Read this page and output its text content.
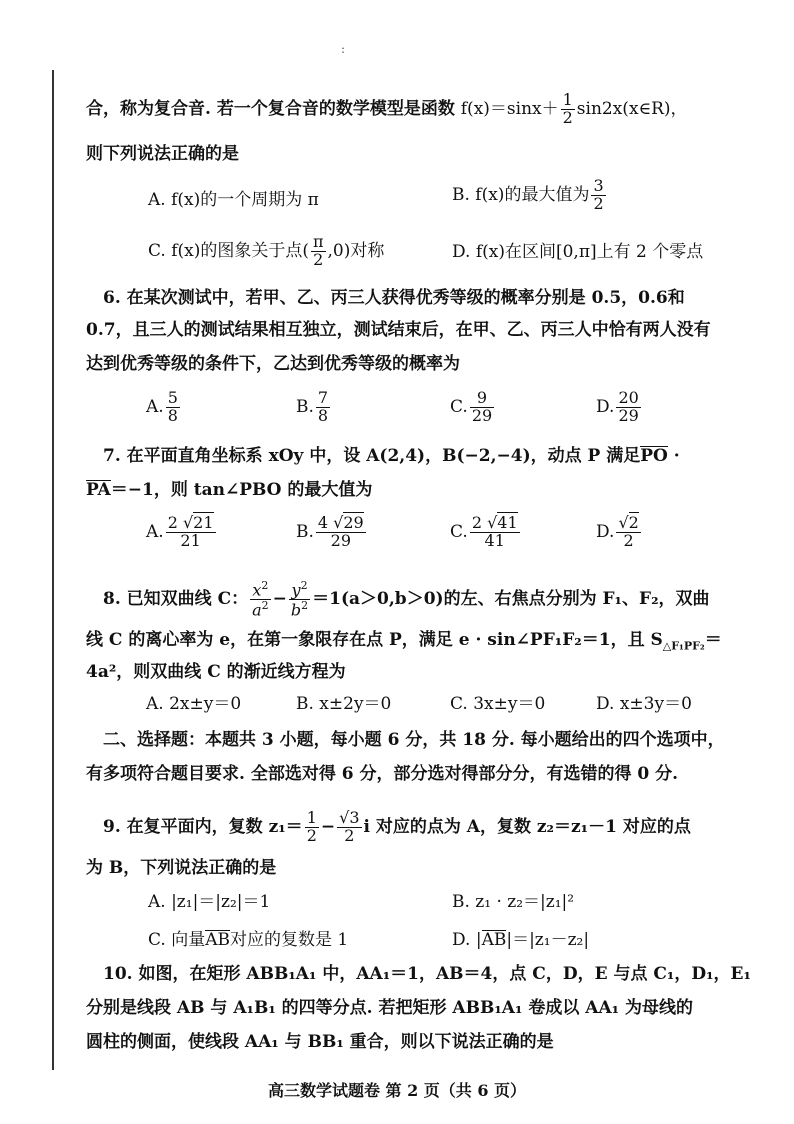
:
合，称为复合音. 若一个复合音的数学模型是函数 $f(x)=\sin x+ \frac{1}{2}$ sin2x(x∈R)，
则下列说法正确的是
A. f(x)的一个周期为 π	B. f(x)的最大值为 $\frac{3}{2}$
C. f(x)的图象关于点( $\frac{\pi}{2} ,0$)对称	D. f(x)在区间[0,π]上有 2 个零点
6. 在某次测试中，若甲、乙、丙三人获得优秀等级的概率分别是 0.5，0.6和
0.7，且三人的测试结果相互独立，测试结束后，在甲、乙、丙三人中恰有两人没有
达到优秀等级的条件下，乙达到优秀等级的概率为
A. $\frac{5}{8}$	B. $\frac{7}{8}$	C. $\frac{9}{29}$	D. $\frac{20}{29}$
7. 在平面直角坐标系 xOy 中，设 A(2,4)，B(−2,−4)，动点 P 满足PO ·
PA＝−1，则 tan∠PBO 的最大值为
A. $\frac{2 √21}{21}$	B. $\frac{4 √29}{29}$	C. $\frac{2 √41}{41}$	D. $\frac{√2}{2}$
8. 已知双曲线 C： $\frac{x^2}{a^2} - \frac{y^2}{b^2} =1(a>0,b>0)$的左、右焦点分别为 F₁、F₂，双曲
线 C 的离心率为 e，在第一象限存在点 P，满足 e · sin∠PF₁F₂＝1，且 $S_{\triangle F_1PF_2}=$
4a²，则双曲线 C 的渐近线方程为
A. 2x±y＝0	B. x±2y＝0	C. 3x±y＝0	D. x±3y＝0
二、选择题：本题共 3 小题，每小题 6 分，共 18 分. 每小题给出的四个选项中，
有多项符合题目要求. 全部选对得 6 分，部分选对得部分分，有选错的得 0 分.
9. 在复平面内，复数 $z_1= \frac{1}{2} - \frac{√3}{2}$ i 对应的点为 A，复数 z₂＝z₁－1 对应的点
为 B，下列说法正确的是
A. |z₁|＝|z₂|＝1	B. z₁ · z₂＝|z₁|²
C. 向量AB对应的复数是 1	D. |AB|＝|z₁－z₂|
10. 如图，在矩形 ABB₁A₁ 中，AA₁＝1，AB＝4，点 C，D，E 与点 C₁，D₁，E₁
分别是线段 AB 与 A₁B₁ 的四等分点. 若把矩形 ABB₁A₁ 卷成以 AA₁ 为母线的
圆柱的侧面，使线段 AA₁ 与 BB₁ 重合，则以下说法正确的是
高三数学试题卷 第 2 页（共 6 页）
